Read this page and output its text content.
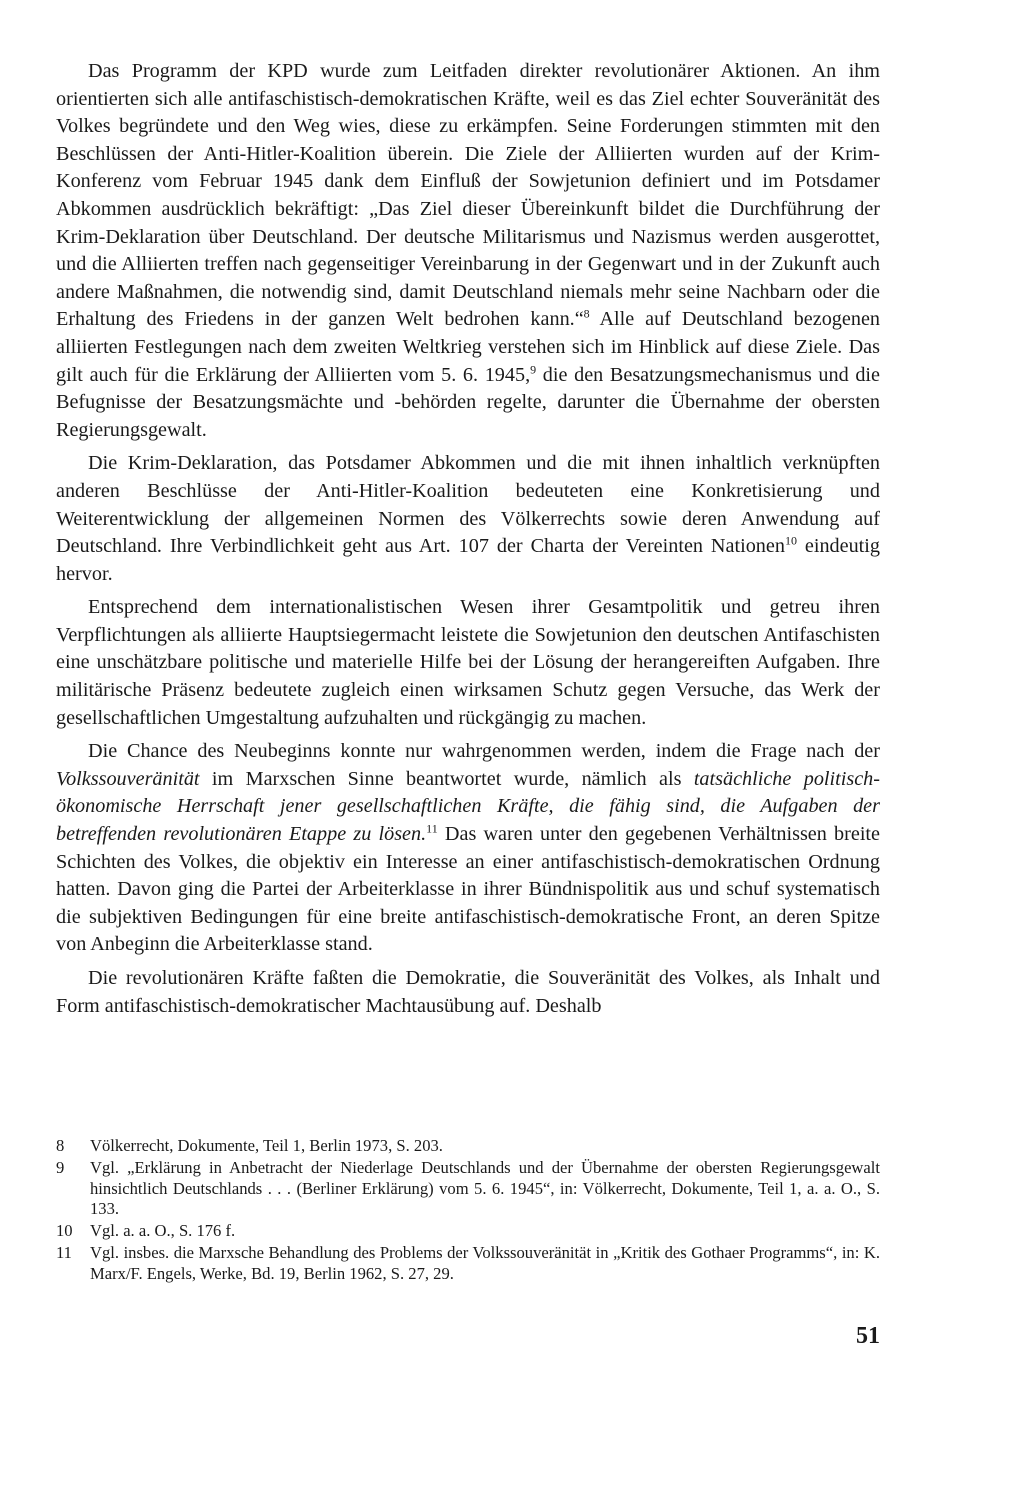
Das Programm der KPD wurde zum Leitfaden direkter revolutionärer Aktionen. An ihm orientierten sich alle antifaschistisch-demokratischen Kräfte, weil es das Ziel echter Souveränität des Volkes begründete und den Weg wies, diese zu erkämpfen. Seine Forderungen stimmten mit den Beschlüssen der Anti-Hitler-Koalition überein. Die Ziele der Alliierten wurden auf der Krim-Konferenz vom Februar 1945 dank dem Einfluß der Sowjetunion definiert und im Potsdamer Abkommen ausdrücklich bekräftigt: „Das Ziel dieser Übereinkunft bildet die Durchführung der Krim-Deklaration über Deutschland. Der deutsche Militarismus und Nazismus werden ausgerottet, und die Alliierten treffen nach gegenseitiger Vereinbarung in der Gegenwart und in der Zukunft auch andere Maßnahmen, die notwendig sind, damit Deutschland niemals mehr seine Nachbarn oder die Erhaltung des Friedens in der ganzen Welt bedrohen kann.“$^8$ Alle auf Deutschland bezogenen alliierten Festlegungen nach dem zweiten Weltkrieg verstehen sich im Hinblick auf diese Ziele. Das gilt auch für die Erklärung der Alliierten vom 5. 6. 1945,$^9$ die den Besatzungsmechanismus und die Befugnisse der Besatzungsmächte und -behörden regelte, darunter die Übernahme der obersten Regierungsgewalt.

Die Krim-Deklaration, das Potsdamer Abkommen und die mit ihnen inhaltlich verknüpften anderen Beschlüsse der Anti-Hitler-Koalition bedeuteten eine Konkretisierung und Weiterentwicklung der allgemeinen Normen des Völkerrechts sowie deren Anwendung auf Deutschland. Ihre Verbindlichkeit geht aus Art. 107 der Charta der Vereinten Nationen$^{10}$ eindeutig hervor.

Entsprechend dem internationalistischen Wesen ihrer Gesamtpolitik und getreu ihren Verpflichtungen als alliierte Hauptsiegermacht leistete die Sowjetunion den deutschen Antifaschisten eine unschätzbare politische und materielle Hilfe bei der Lösung der herangereiften Aufgaben. Ihre militärische Präsenz bedeutete zugleich einen wirksamen Schutz gegen Versuche, das Werk der gesellschaftlichen Umgestaltung aufzuhalten und rückgängig zu machen.

Die Chance des Neubeginns konnte nur wahrgenommen werden, indem die Frage nach der Volkssouveränität im Marxschen Sinne beantwortet wurde, nämlich als tatsächliche politisch-ökonomische Herrschaft jener gesellschaftlichen Kräfte, die fähig sind, die Aufgaben der betreffenden revolutionären Etappe zu lösen.$^{11}$ Das waren unter den gegebenen Verhältnissen breite Schichten des Volkes, die objektiv ein Interesse an einer antifaschistisch-demokratischen Ordnung hatten. Davon ging die Partei der Arbeiterklasse in ihrer Bündnispolitik aus und schuf systematisch die subjektiven Bedingungen für eine breite antifaschistisch-demokratische Front, an deren Spitze von Anbeginn die Arbeiterklasse stand.

Die revolutionären Kräfte faßten die Demokratie, die Souveränität des Volkes, als Inhalt und Form antifaschistisch-demokratischer Machtausübung auf. Deshalb

8	Völkerrecht, Dokumente, Teil 1, Berlin 1973, S. 203.
9	Vgl. „Erklärung in Anbetracht der Niederlage Deutschlands und der Übernahme der obersten Regierungsgewalt hinsichtlich Deutschlands . . . (Berliner Erklärung) vom 5. 6. 1945“, in: Völkerrecht, Dokumente, Teil 1, a. a. O., S. 133.
10	Vgl. a. a. O., S. 176 f.
11	Vgl. insbes. die Marxsche Behandlung des Problems der Volkssouveränität in „Kritik des Gothaer Programms“, in: K. Marx/F. Engels, Werke, Bd. 19, Berlin 1962, S. 27, 29.
51
